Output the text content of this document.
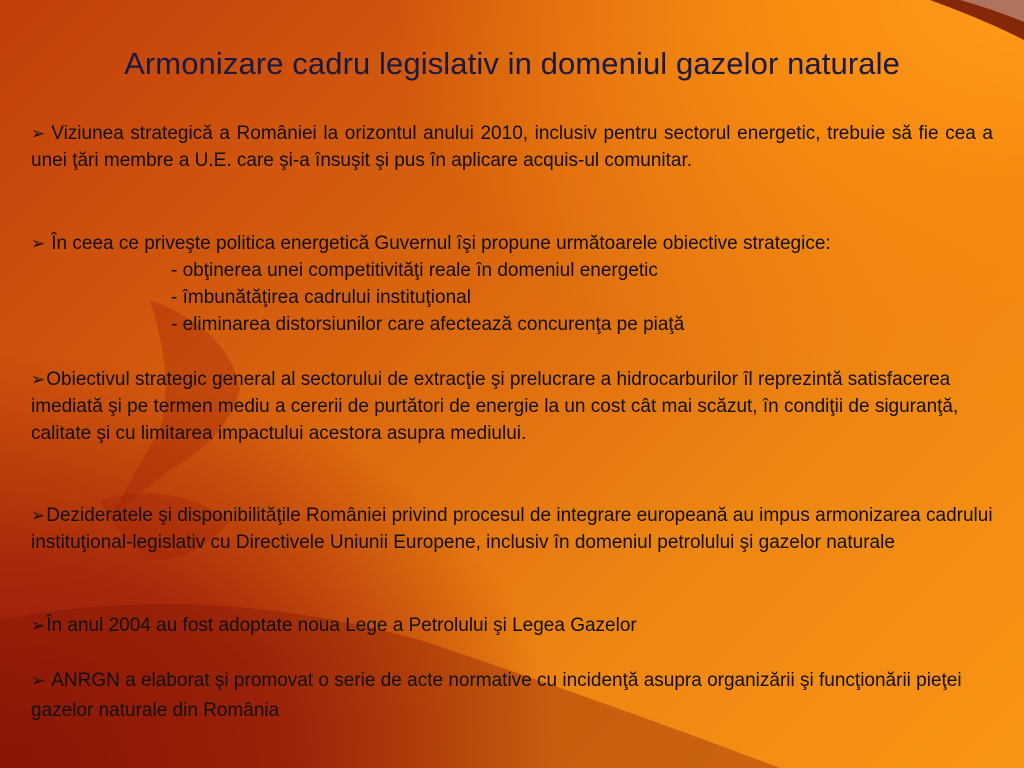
Armonizare cadru legislativ in domeniul gazelor naturale

➢ Viziunea strategică a României la orizontul anului 2010, inclusiv pentru sectorul energetic, trebuie să fie cea a unei ţări membre a U.E. care şi-a însuşit şi pus în aplicare acquis-ul comunitar.

➢ În ceea ce priveşte politica energetică Guvernul îşi propune următoarele obiective strategice:
- obţinerea unei competitivităţi reale în domeniul energetic
- îmbunătăţirea cadrului instituţional
- eliminarea distorsiunilor care afectează concurenţa pe piaţă

➢Obiectivul strategic general al sectorului de extracţie şi prelucrare a hidrocarburilor îl reprezintă satisfacerea imediată şi pe termen mediu a cererii de purtători de energie la un cost cât mai scăzut, în condiţii de siguranţă, calitate şi cu limitarea impactului acestora asupra mediului.

➢Dezideratele şi disponibilităţile României privind procesul de integrare europeană au impus armonizarea cadrului instituţional-legislativ cu Directivele Uniunii Europene, inclusiv în domeniul petrolului şi gazelor naturale

➢În anul 2004 au fost adoptate noua Lege a Petrolului şi Legea Gazelor

➢ ANRGN a elaborat şi promovat o serie de acte normative cu incidenţă asupra organizării şi funcţionării pieţei gazelor naturale din România
